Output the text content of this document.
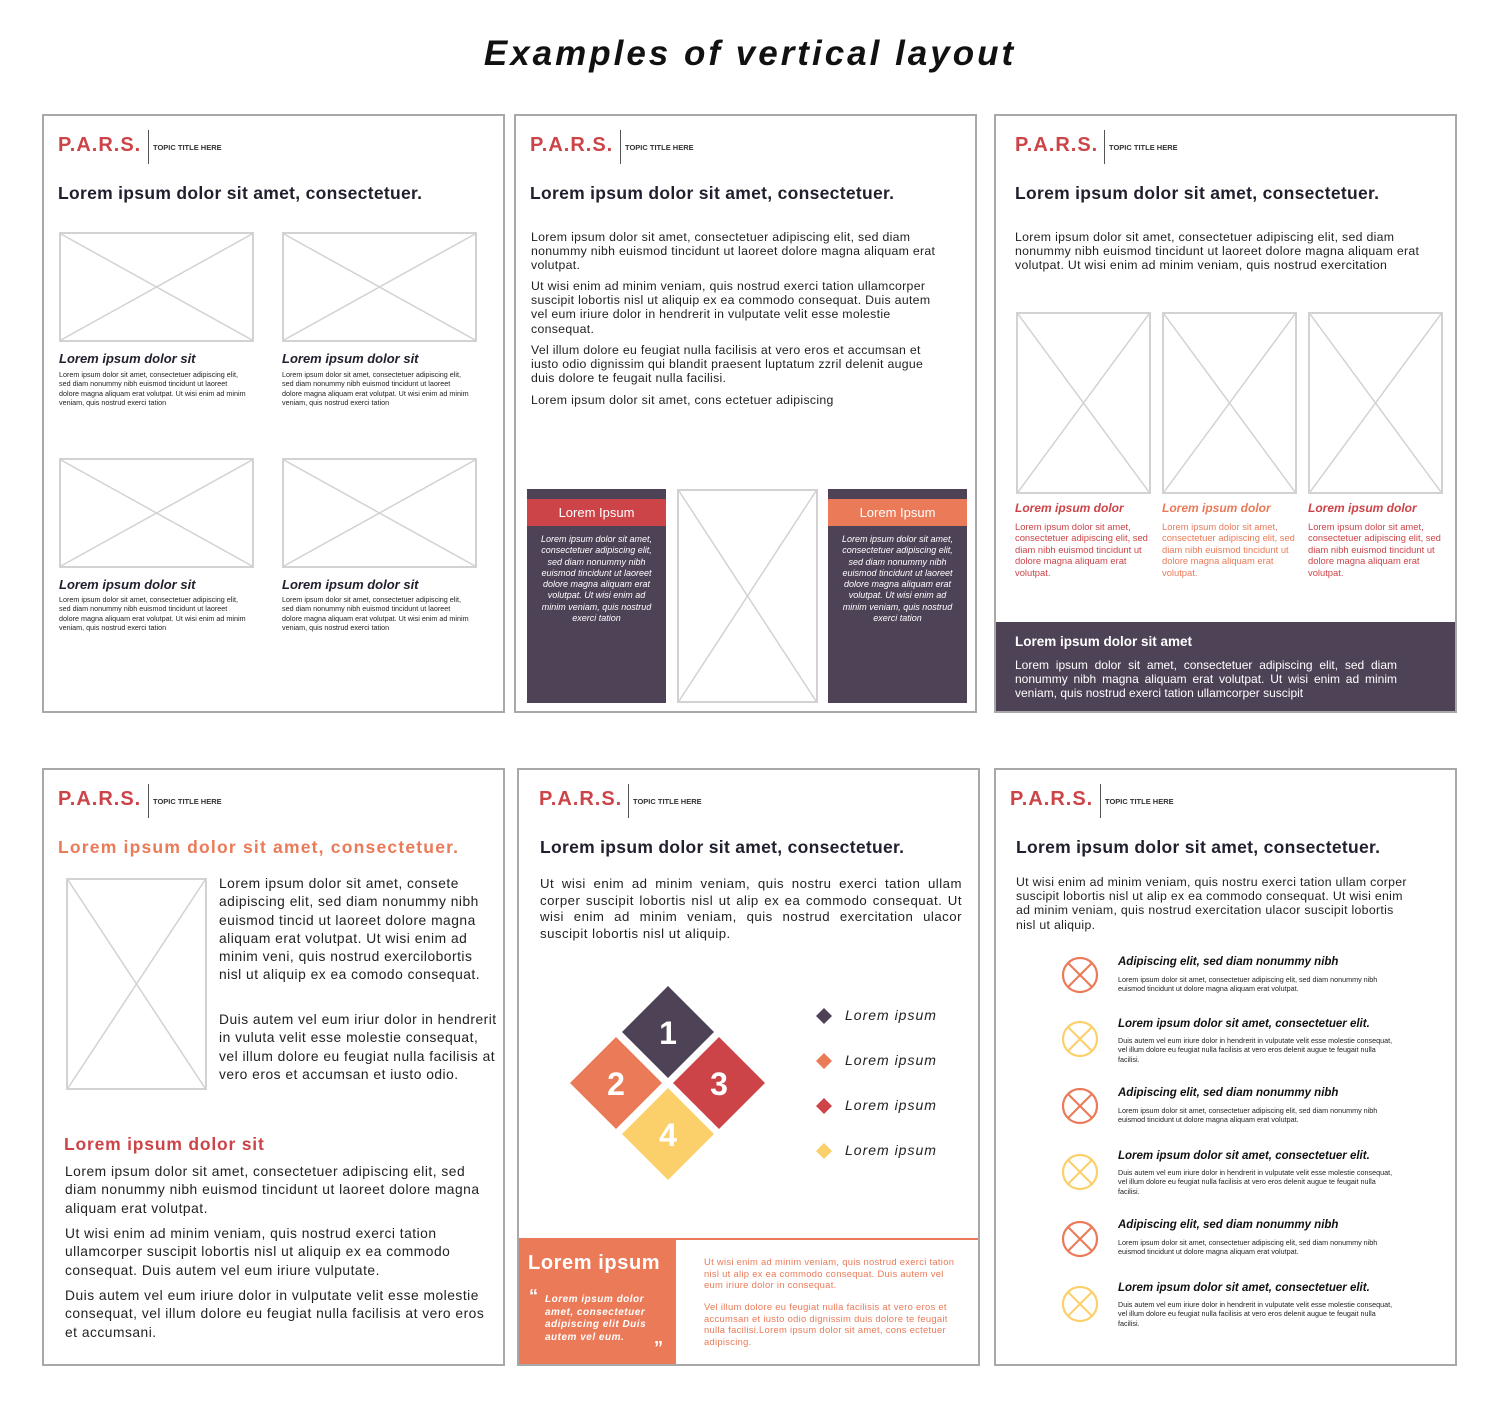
Examples of vertical layout
P.A.R.S. TOPIC TITLE HERE

Lorem ipsum dolor sit amet, consectetuer.

Lorem ipsum dolor sit

Lorem ipsum dolor sit amet, consectetuer adipiscing elit, sed diam nonummy nibh euismod tincidunt ut laoreet dolore magna aliquam erat volutpat. Ut wisi enim ad minim veniam, quis nostrud exerci tation

Lorem ipsum dolor sit

Lorem ipsum dolor sit amet, consectetuer adipiscing elit, sed diam nonummy nibh euismod tincidunt ut laoreet dolore magna aliquam erat volutpat. Ut wisi enim ad minim veniam, quis nostrud exerci tation

Lorem ipsum dolor sit

Lorem ipsum dolor sit amet, consectetuer adipiscing elit, sed diam nonummy nibh euismod tincidunt ut laoreet dolore magna aliquam erat volutpat. Ut wisi enim ad minim veniam, quis nostrud exerci tation

Lorem ipsum dolor sit

Lorem ipsum dolor sit amet, consectetuer adipiscing elit, sed diam nonummy nibh euismod tincidunt ut laoreet dolore magna aliquam erat volutpat. Ut wisi enim ad minim veniam, quis nostrud exerci tation

P.A.R.S. TOPIC TITLE HERE

Lorem ipsum dolor sit amet, consectetuer.

Lorem ipsum dolor sit amet, consectetuer adipiscing elit, sed diam nonummy nibh euismod tincidunt ut laoreet dolore magna aliquam erat volutpat.

Ut wisi enim ad minim veniam, quis nostrud exerci tation ullamcorper suscipit lobortis nisl ut aliquip ex ea commodo consequat. Duis autem vel eum iriure dolor in hendrerit in vulputate velit esse molestie consequat.

Vel illum dolore eu feugiat nulla facilisis at vero eros et accumsan et iusto odio dignissim qui blandit praesent luptatum zzril delenit augue duis dolore te feugait nulla facilisi.

Lorem ipsum dolor sit amet, cons ectetuer adipiscing

Lorem Ipsum

Lorem ipsum dolor sit amet, consectetuer adipiscing elit, sed diam nonummy nibh euismod tincidunt ut laoreet dolore magna aliquam erat volutpat. Ut wisi enim ad minim veniam, quis nostrud exerci tation

Lorem Ipsum

Lorem ipsum dolor sit amet, consectetuer adipiscing elit, sed diam nonummy nibh euismod tincidunt ut laoreet dolore magna aliquam erat volutpat. Ut wisi enim ad minim veniam, quis nostrud exerci tation

P.A.R.S. TOPIC TITLE HERE

Lorem ipsum dolor sit amet, consectetuer.

Lorem ipsum dolor sit amet, consectetuer adipiscing elit, sed diam nonummy nibh euismod tincidunt ut laoreet dolore magna aliquam erat volutpat. Ut wisi enim ad minim veniam, quis nostrud exercitation

Lorem ipsum dolor

Lorem ipsum dolor sit amet, consectetuer adipiscing elit, sed diam nibh euismod tincidunt ut dolore magna aliquam erat volutpat.

Lorem ipsum dolor

Lorem ipsum dolor sit amet, consectetuer adipiscing elit, sed diam nibh euismod tincidunt ut dolore magna aliquam erat volutpat.

Lorem ipsum dolor

Lorem ipsum dolor sit amet, consectetuer adipiscing elit, sed diam nibh euismod tincidunt ut dolore magna aliquam erat volutpat.

Lorem ipsum dolor sit amet

Lorem ipsum dolor sit amet, consectetuer adipiscing elit, sed diam nonummy nibh magna aliquam erat volutpat. Ut wisi enim ad minim veniam, quis nostrud exerci tation ullamcorper suscipit

P.A.R.S. TOPIC TITLE HERE

Lorem ipsum dolor sit amet, consectetuer.

Lorem ipsum dolor sit amet, consete adipiscing elit, sed diam nonummy nibh euismod tincid ut laoreet dolore magna aliquam erat volutpat. Ut wisi enim ad minim veni, quis nostrud exercilobortis nisl ut aliquip ex ea comodo consequat.

Duis autem vel eum iriur dolor in hendrerit in vuluta velit esse molestie consequat, vel illum dolore eu feugiat nulla facilisis at vero eros et accumsan et iusto odio.

Lorem ipsum dolor sit

Lorem ipsum dolor sit amet, consectetuer adipiscing elit, sed diam nonummy nibh euismod tincidunt ut laoreet dolore magna aliquam erat volutpat.

Ut wisi enim ad minim veniam, quis nostrud exerci tation ullamcorper suscipit lobortis nisl ut aliquip ex ea commodo consequat. Duis autem vel eum iriure vulputate.

Duis autem vel eum iriure dolor in vulputate velit esse molestie consequat, vel illum dolore eu feugiat nulla facilisis at vero eros et accumsani.

P.A.R.S. TOPIC TITLE HERE

Lorem ipsum dolor sit amet, consectetuer.

Ut wisi enim ad minim veniam, quis nostru exerci tation ullam corper suscipit lobortis nisl ut alip ex ea commodo consequat. Ut wisi enim ad minim veniam, quis nostrud exercitation ulacor suscipit lobortis nisl ut aliquip.

1
2	3
4
Lorem ipsum
Lorem ipsum
Lorem ipsum
Lorem ipsum

Lorem ipsum

“ Lorem ipsum dolor amet, consectetuer adipiscing elit Duis autem vel eum.

”

Ut wisi enim ad minim veniam, quis nostrud exerci tation nisl ut alip ex ea commodo consequat. Duis autem vel eum iriure dolor in consequat.

Vel illum dolore eu feugiat nulla facilisis at vero eros et accumsan et iusto odio dignissim duis dolore te feugait nulla facilisi.Lorem ipsum dolor sit amet, cons ectetuer adipiscing.

P.A.R.S. TOPIC TITLE HERE

Lorem ipsum dolor sit amet, consectetuer.

Ut wisi enim ad minim veniam, quis nostru exerci tation ullam corper suscipit lobortis nisl ut alip ex ea commodo consequat. Ut wisi enim ad minim veniam, quis nostrud exercitation ulacor suscipit lobortis nisl ut aliquip.

Adipiscing elit, sed diam nonummy nibh

Lorem ipsum dolor sit amet, consectetuer adipiscing elit, sed diam nonummy nibh euismod tincidunt ut dolore magna aliquam erat volutpat.

Lorem ipsum dolor sit amet, consectetuer elit.

Duis autem vel eum iriure dolor in hendrerit in vulputate velit esse molestie consequat, vel illum dolore eu feugiat nulla facilisis at vero eros delenit augue te feugait nulla facilisi.

Adipiscing elit, sed diam nonummy nibh

Lorem ipsum dolor sit amet, consectetuer adipiscing elit, sed diam nonummy nibh euismod tincidunt ut dolore magna aliquam erat volutpat.

Lorem ipsum dolor sit amet, consectetuer elit.

Duis autem vel eum iriure dolor in hendrerit in vulputate velit esse molestie consequat, vel illum dolore eu feugiat nulla facilisis at vero eros delenit augue te feugait nulla facilisi.

Adipiscing elit, sed diam nonummy nibh

Lorem ipsum dolor sit amet, consectetuer adipiscing elit, sed diam nonummy nibh euismod tincidunt ut dolore magna aliquam erat volutpat.

Lorem ipsum dolor sit amet, consectetuer elit.

Duis autem vel eum iriure dolor in hendrerit in vulputate velit esse molestie consequat, vel illum dolore eu feugiat nulla facilisis at vero eros delenit augue te feugait nulla facilisi.
